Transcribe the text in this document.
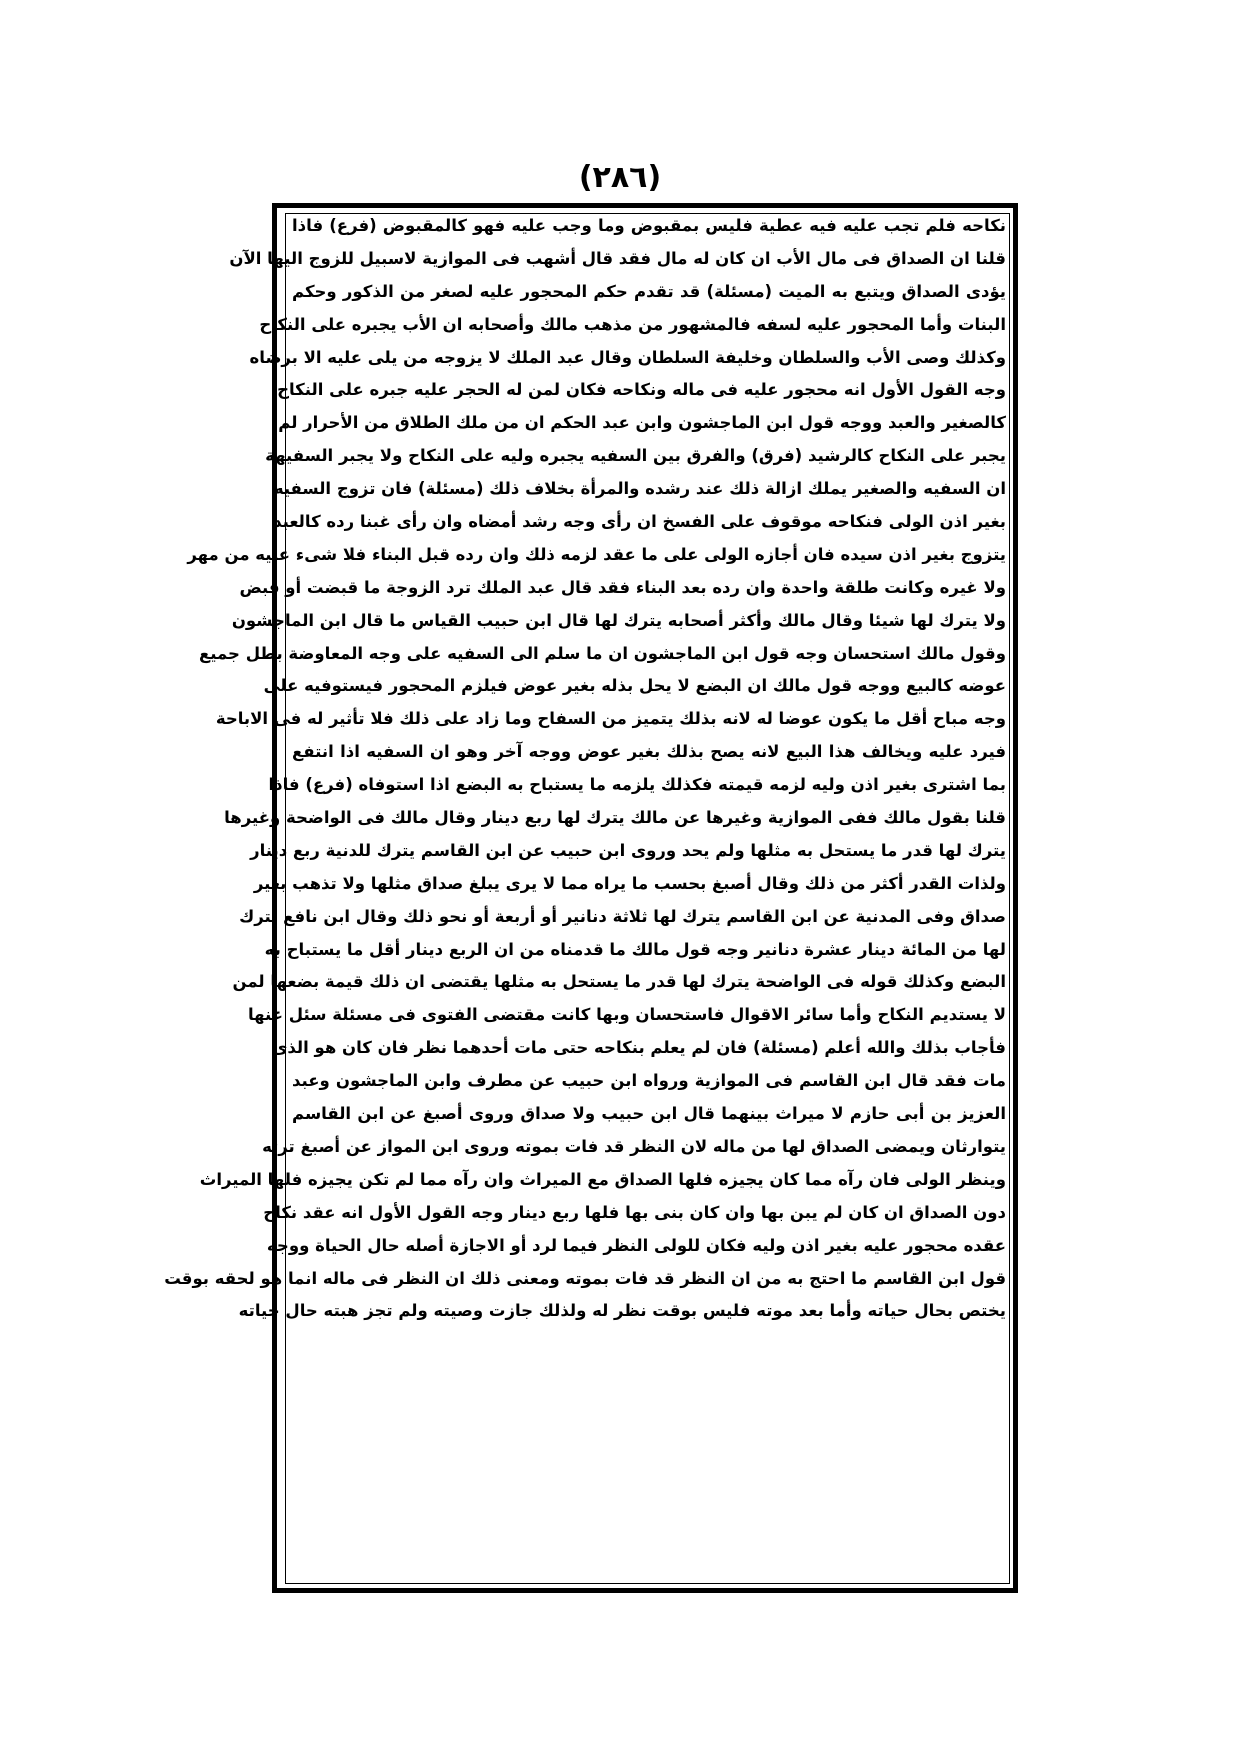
(٢٨٦)
نكاحه فلم تجب عليه فيه عطية فليس بمقبوض وما وجب عليه فهو كالمقبوض (فرع) فاذا
قلنا ان الصداق فى مال الأب ان كان له مال فقد قال أشهب فى الموازية لاسبيل للزوج اليها الآن
يؤدى الصداق ويتبع به الميت (مسئلة) قد تقدم حكم المحجور عليه لصغر من الذكور وحكم
البنات وأما المحجور عليه لسفه فالمشهور من مذهب مالك وأصحابه ان الأب يجبره على النكاح
وكذلك وصى الأب والسلطان وخليفة السلطان وقال عبد الملك لا يزوجه من يلى عليه الا برضاه
وجه القول الأول انه محجور عليه فى ماله ونكاحه فكان لمن له الحجر عليه جبره على النكاح
كالصغير والعبد ووجه قول ابن الماجشون وابن عبد الحكم ان من ملك الطلاق من الأحرار لم
يجبر على النكاح كالرشيد (فرق) والفرق بين السفيه يجبره وليه على النكاح ولا يجبر السفيهة
ان السفيه والصغير يملك ازالة ذلك عند رشده والمرأة بخلاف ذلك (مسئلة) فان تزوج السفيه
بغير اذن الولى فنكاحه موقوف على الفسخ ان رأى وجه رشد أمضاه وان رأى غبنا رده كالعبد
يتزوج بغير اذن سيده فان أجازه الولى على ما عقد لزمه ذلك وان رده قبل البناء فلا شىء عليه من مهر
ولا غيره وكانت طلقة واحدة وان رده بعد البناء فقد قال عبد الملك ترد الزوجة ما قبضت أو قبض
ولا يترك لها شيئا وقال مالك وأكثر أصحابه يترك لها قال ابن حبيب القياس ما قال ابن الماجشون
وقول مالك استحسان وجه قول ابن الماجشون ان ما سلم الى السفيه على وجه المعاوضة بطل جميع
عوضه كالبيع ووجه قول مالك ان البضع لا يحل بذله بغير عوض فيلزم المحجور فيستوفيه على
وجه مباح أقل ما يكون عوضا له لانه بذلك يتميز من السفاح وما زاد على ذلك فلا تأثير له فى الاباحة
فيرد عليه ويخالف هذا البيع لانه يصح بذلك بغير عوض ووجه آخر وهو ان السفيه اذا انتفع
بما اشترى بغير اذن وليه لزمه قيمته فكذلك يلزمه ما يستباح به البضع اذا استوفاه (فرع) فاذا
قلنا بقول مالك ففى الموازية وغيرها عن مالك يترك لها ربع دينار وقال مالك فى الواضحة وغيرها
يترك لها قدر ما يستحل به مثلها ولم يحد وروى ابن حبيب عن ابن القاسم يترك للدنية ربع دينار
ولذات القدر أكثر من ذلك وقال أصبغ بحسب ما يراه مما لا يرى يبلغ صداق مثلها ولا تذهب بغير
صداق وفى المدنية عن ابن القاسم يترك لها ثلاثة دنانير أو أربعة أو نحو ذلك وقال ابن نافع يترك
لها من المائة دينار عشرة دنانير وجه قول مالك ما قدمناه من ان الربع دينار أقل ما يستباح به
البضع وكذلك قوله فى الواضحة يترك لها قدر ما يستحل به مثلها يقتضى ان ذلك قيمة بضعها لمن
لا يستديم النكاح وأما سائر الاقوال فاستحسان وبها كانت مقتضى الفتوى فى مسئلة سئل عنها
فأجاب بذلك والله أعلم (مسئلة) فان لم يعلم بنكاحه حتى مات أحدهما نظر فان كان هو الذى
مات فقد قال ابن القاسم فى الموازية ورواه ابن حبيب عن مطرف وابن الماجشون وعبد
العزيز بن أبى حازم لا ميراث بينهما قال ابن حبيب ولا صداق وروى أصبغ عن ابن القاسم
يتوارثان ويمضى الصداق لها من ماله لان النظر قد فات بموته وروى ابن المواز عن أصبغ ترثه
وينظر الولى فان رآه مما كان يجيزه فلها الصداق مع الميراث وان رآه مما لم تكن يجيزه فلها الميراث
دون الصداق ان كان لم يبن بها وان كان بنى بها فلها ربع دينار وجه القول الأول انه عقد نكاح
عقده محجور عليه بغير اذن وليه فكان للولى النظر فيما لرد أو الاجازة أصله حال الحياة ووجه
قول ابن القاسم ما احتج به من ان النظر قد فات بموته ومعنى ذلك ان النظر فى ماله انما هو لحقه بوقت
يختص بحال حياته وأما بعد موته فليس بوقت نظر له ولذلك جازت وصيته ولم تجز هبته حال حياته
